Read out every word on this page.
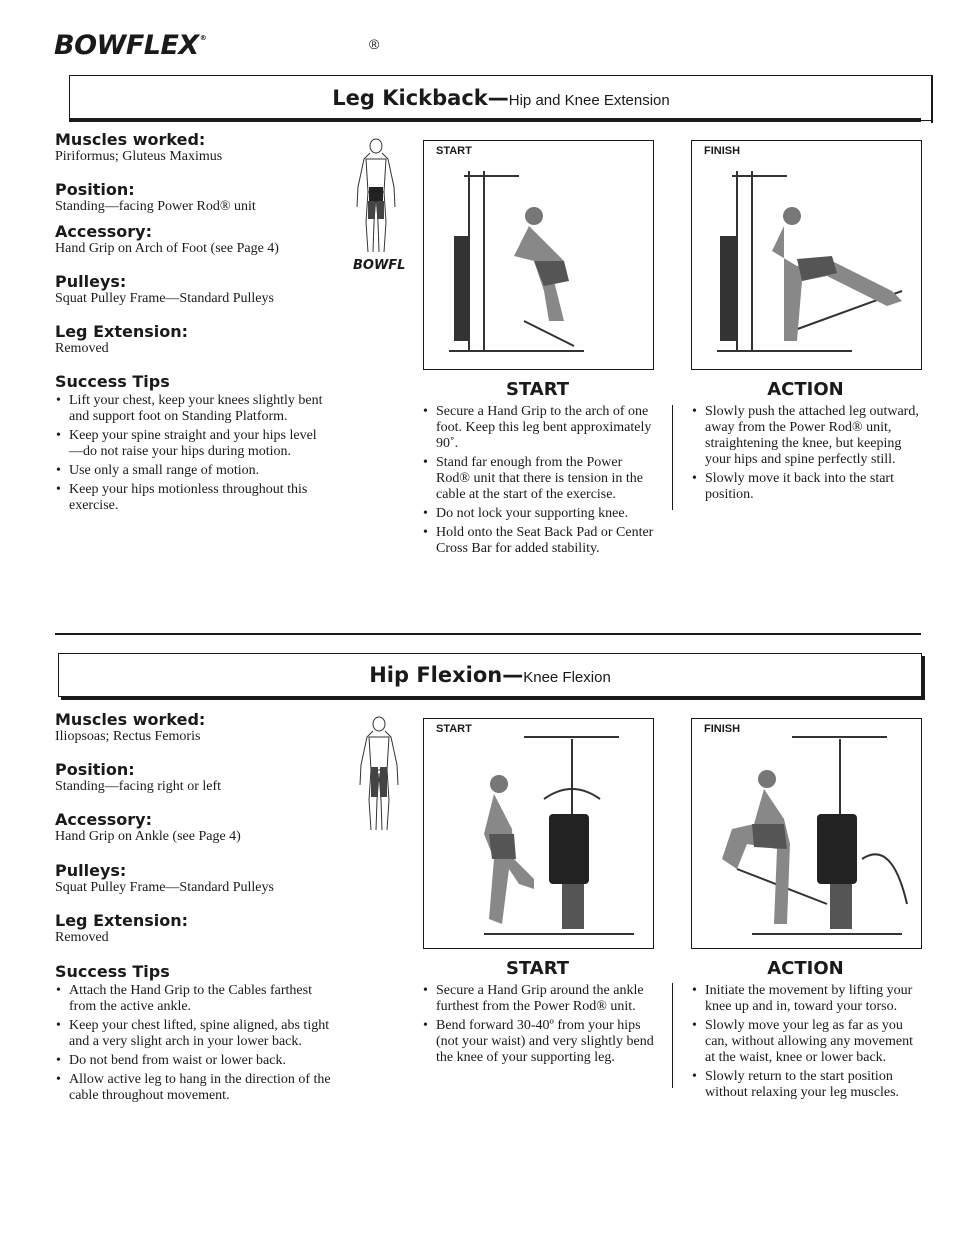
BOWFLEX®	®
Leg Kickback—Hip and Knee Extension

Muscles worked:

Piriformus; Gluteus Maximus

Position:

Standing—facing Power Rod® unit

Accessory:

Hand Grip on Arch of Foot (see Page 4)

Pulleys:

Squat Pulley Frame—Standard Pulleys

Leg Extension:

Removed

Success Tips

• Lift your chest, keep your knees slightly bent and support foot on Standing Platform.
• Keep your spine straight and your hips level—do not raise your hips during motion.
• Use only a small range of motion.
• Keep your hips motionless throughout this exercise.
BOWFL
START	FINISH
START
• Secure a Hand Grip to the arch of one foot. Keep this leg bent approximately 90˚.
• Stand far enough from the Power Rod® unit that there is tension in the cable at the start of the exercise.
• Do not lock your supporting knee.
• Hold onto the Seat Back Pad or Center Cross Bar for added stability.
ACTION
• Slowly push the attached leg outward, away from the Power Rod® unit, straightening the knee, but keeping your hips and spine perfectly still.
• Slowly move it back into the start position.
Hip Flexion—Knee Flexion

Muscles worked:

Iliopsoas; Rectus Femoris

Position:

Standing—facing right or left

Accessory:

Hand Grip on Ankle (see Page 4)

Pulleys:

Squat Pulley Frame—Standard Pulleys

Leg Extension:

Removed

Success Tips

• Attach the Hand Grip to the Cables farthest from the active ankle.
• Keep your chest lifted, spine aligned, abs tight and a very slight arch in your lower back.
• Do not bend from waist or lower back.
• Allow active leg to hang in the direction of the cable throughout movement.
START	FINISH
START
• Secure a Hand Grip around the ankle furthest from the Power Rod® unit.
• Bend forward 30-40º from your hips (not your waist) and very slightly bend the knee of your supporting leg.
ACTION
• Initiate the movement by lifting your knee up and in, toward your torso.
• Slowly move your leg as far as you can, without allowing any movement at the waist, knee or lower back.
• Slowly return to the start position without relaxing your leg muscles.
